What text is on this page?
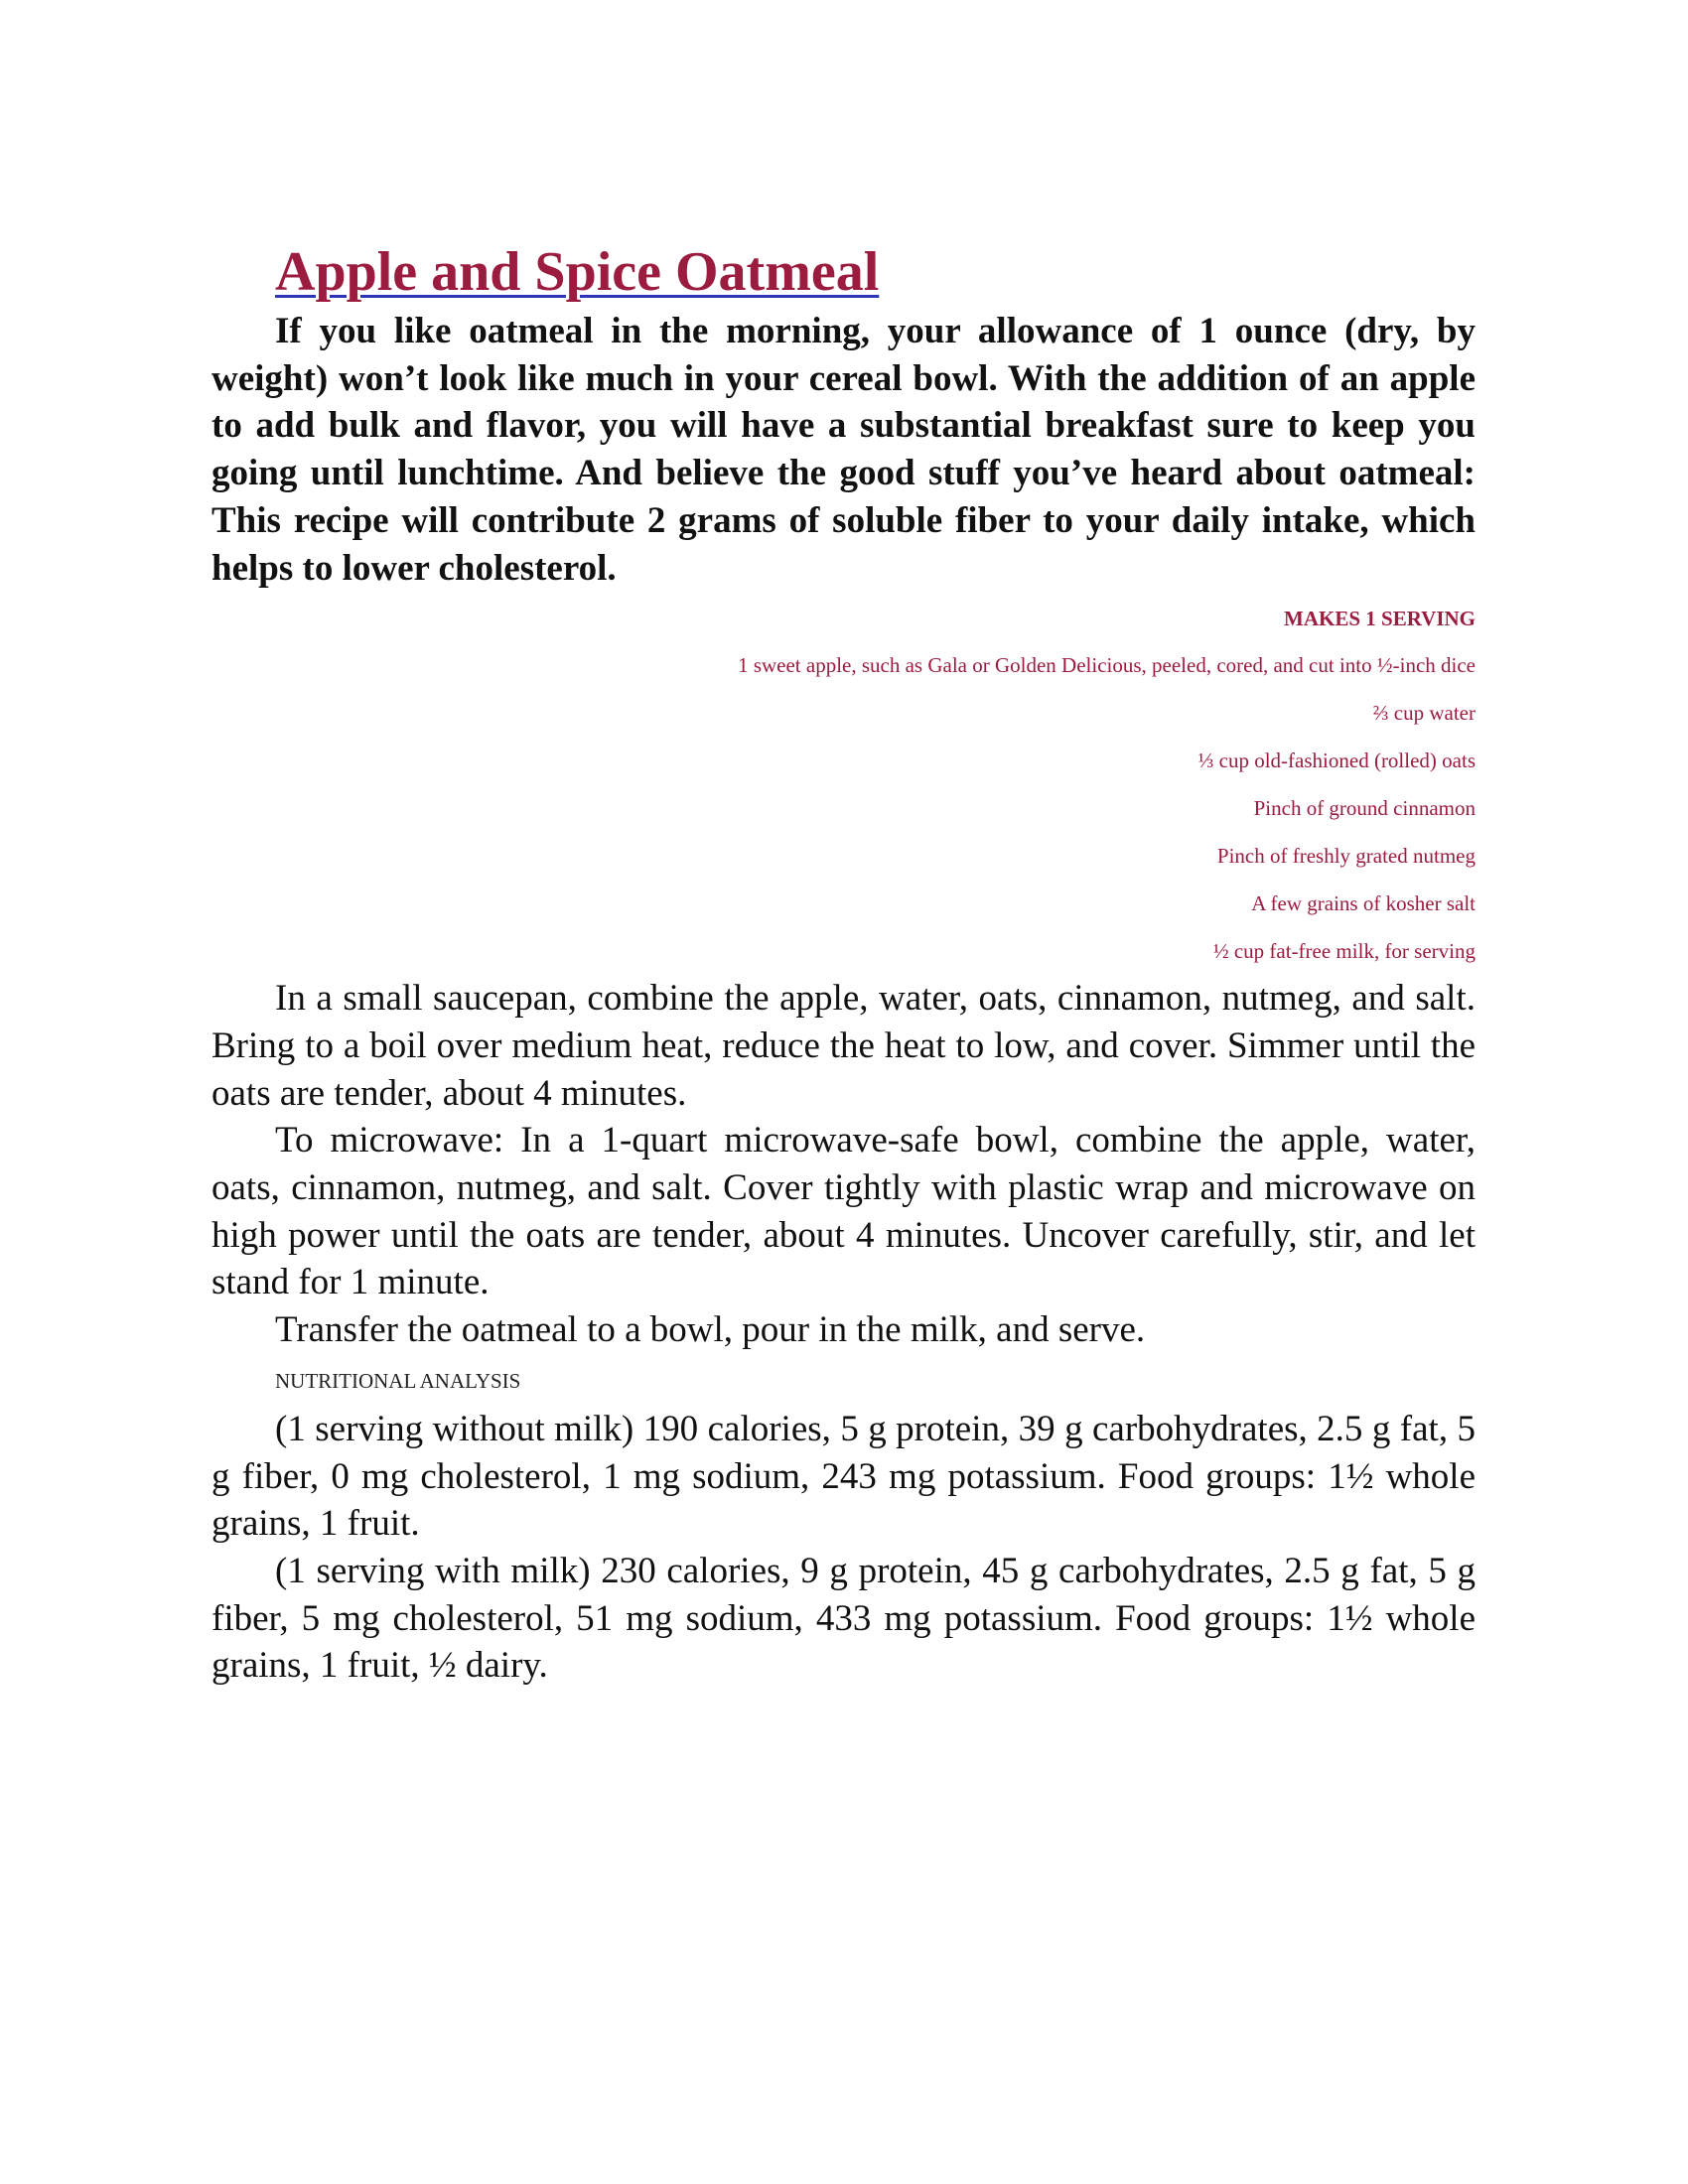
Apple and Spice Oatmeal

If you like oatmeal in the morning, your allowance of 1 ounce (dry, by weight) won’t look like much in your cereal bowl. With the addition of an apple to add bulk and flavor, you will have a substantial breakfast sure to keep you going until lunchtime. And believe the good stuff you’ve heard about oatmeal: This recipe will contribute 2 grams of soluble fiber to your daily intake, which helps to lower cholesterol.

MAKES 1 SERVING
1 sweet apple, such as Gala or Golden Delicious, peeled, cored, and cut into ½-inch dice
⅔ cup water
⅓ cup old-fashioned (rolled) oats
Pinch of ground cinnamon
Pinch of freshly grated nutmeg
A few grains of kosher salt
½ cup fat-free milk, for serving

In a small saucepan, combine the apple, water, oats, cinnamon, nutmeg, and salt. Bring to a boil over medium heat, reduce the heat to low, and cover. Simmer until the oats are tender, about 4 minutes.

To microwave: In a 1-quart microwave-safe bowl, combine the apple, water, oats, cinnamon, nutmeg, and salt. Cover tightly with plastic wrap and microwave on high power until the oats are tender, about 4 minutes. Uncover carefully, stir, and let stand for 1 minute.

Transfer the oatmeal to a bowl, pour in the milk, and serve.

NUTRITIONAL ANALYSIS

(1 serving without milk) 190 calories, 5 g protein, 39 g carbohydrates, 2.5 g fat, 5 g fiber, 0 mg cholesterol, 1 mg sodium, 243 mg potassium. Food groups: 1½ whole grains, 1 fruit.

(1 serving with milk) 230 calories, 9 g protein, 45 g carbohydrates, 2.5 g fat, 5 g fiber, 5 mg cholesterol, 51 mg sodium, 433 mg potassium. Food groups: 1½ whole grains, 1 fruit, ½ dairy.
